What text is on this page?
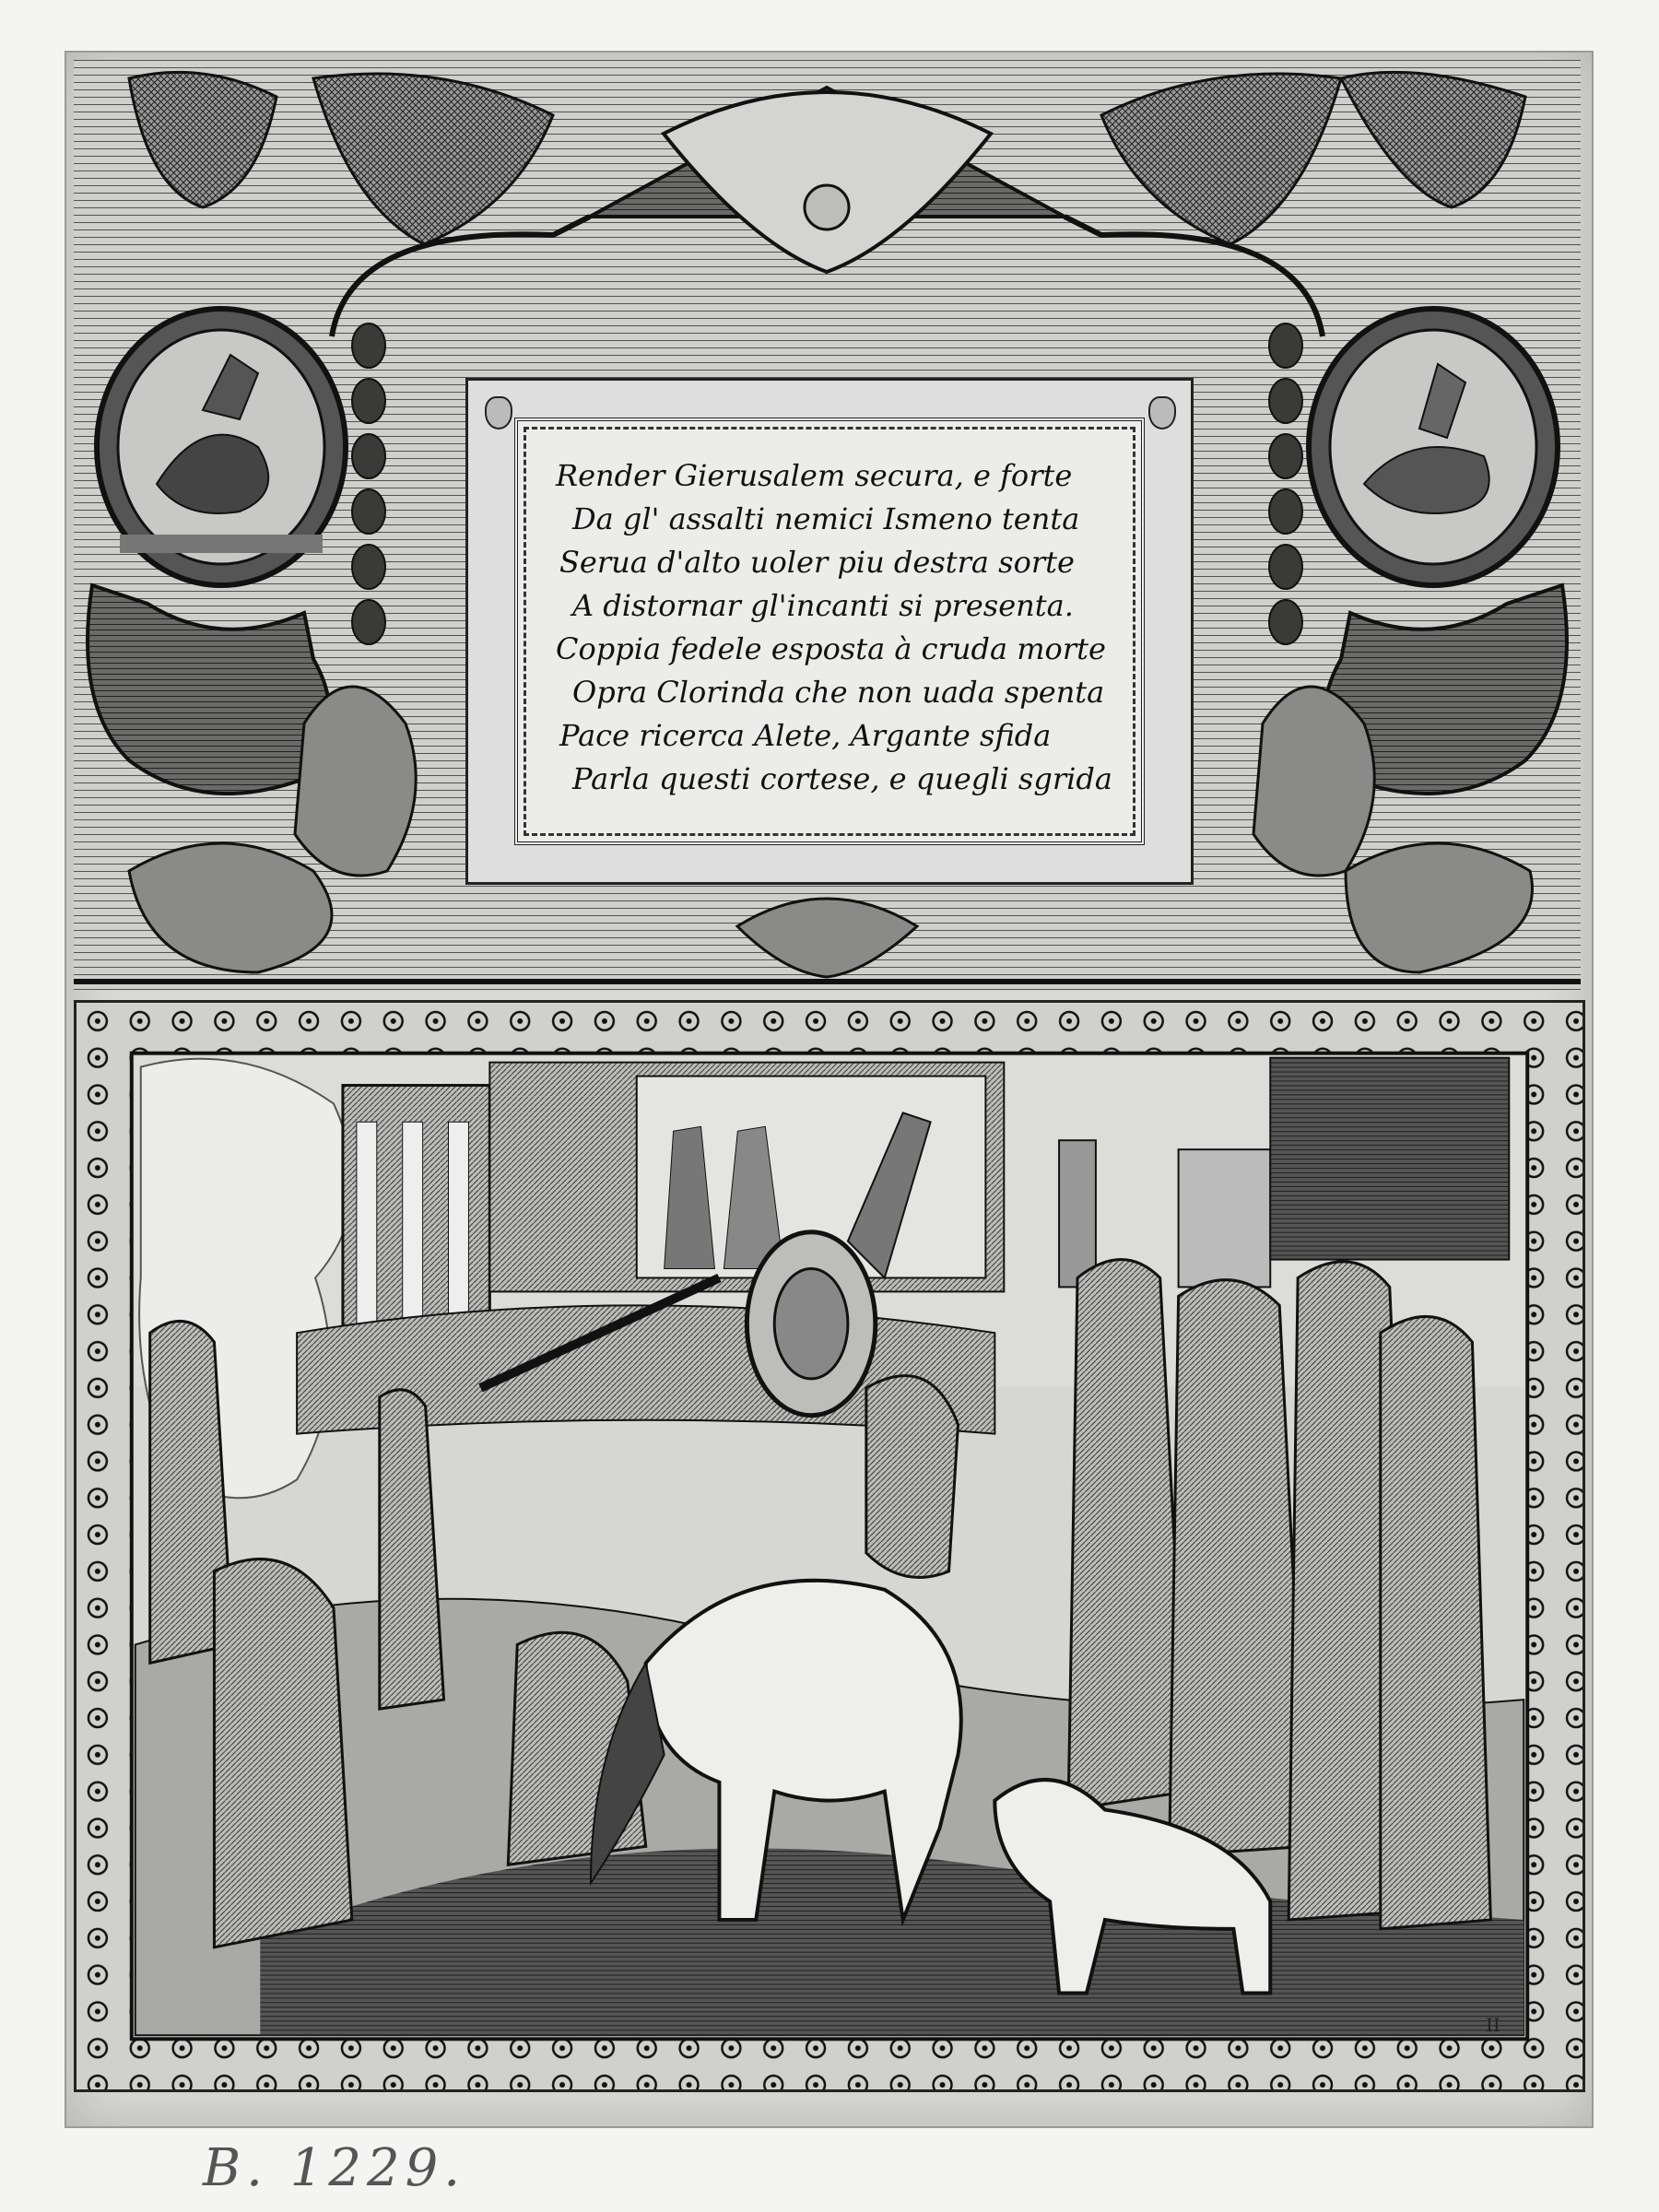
Render Gierusalem secura, e forte
Da gl' assalti nemici Ismeno tenta
Serua d'alto uoler piu destra sorte
A distornar gl'incanti si presenta.
Coppia fedele esposta à cruda morte
Opra Clorinda che non uada spenta
Pace ricerca Alete, Argante sfida
Parla questi cortese, e quegli sgrida
II
B. 1229.
